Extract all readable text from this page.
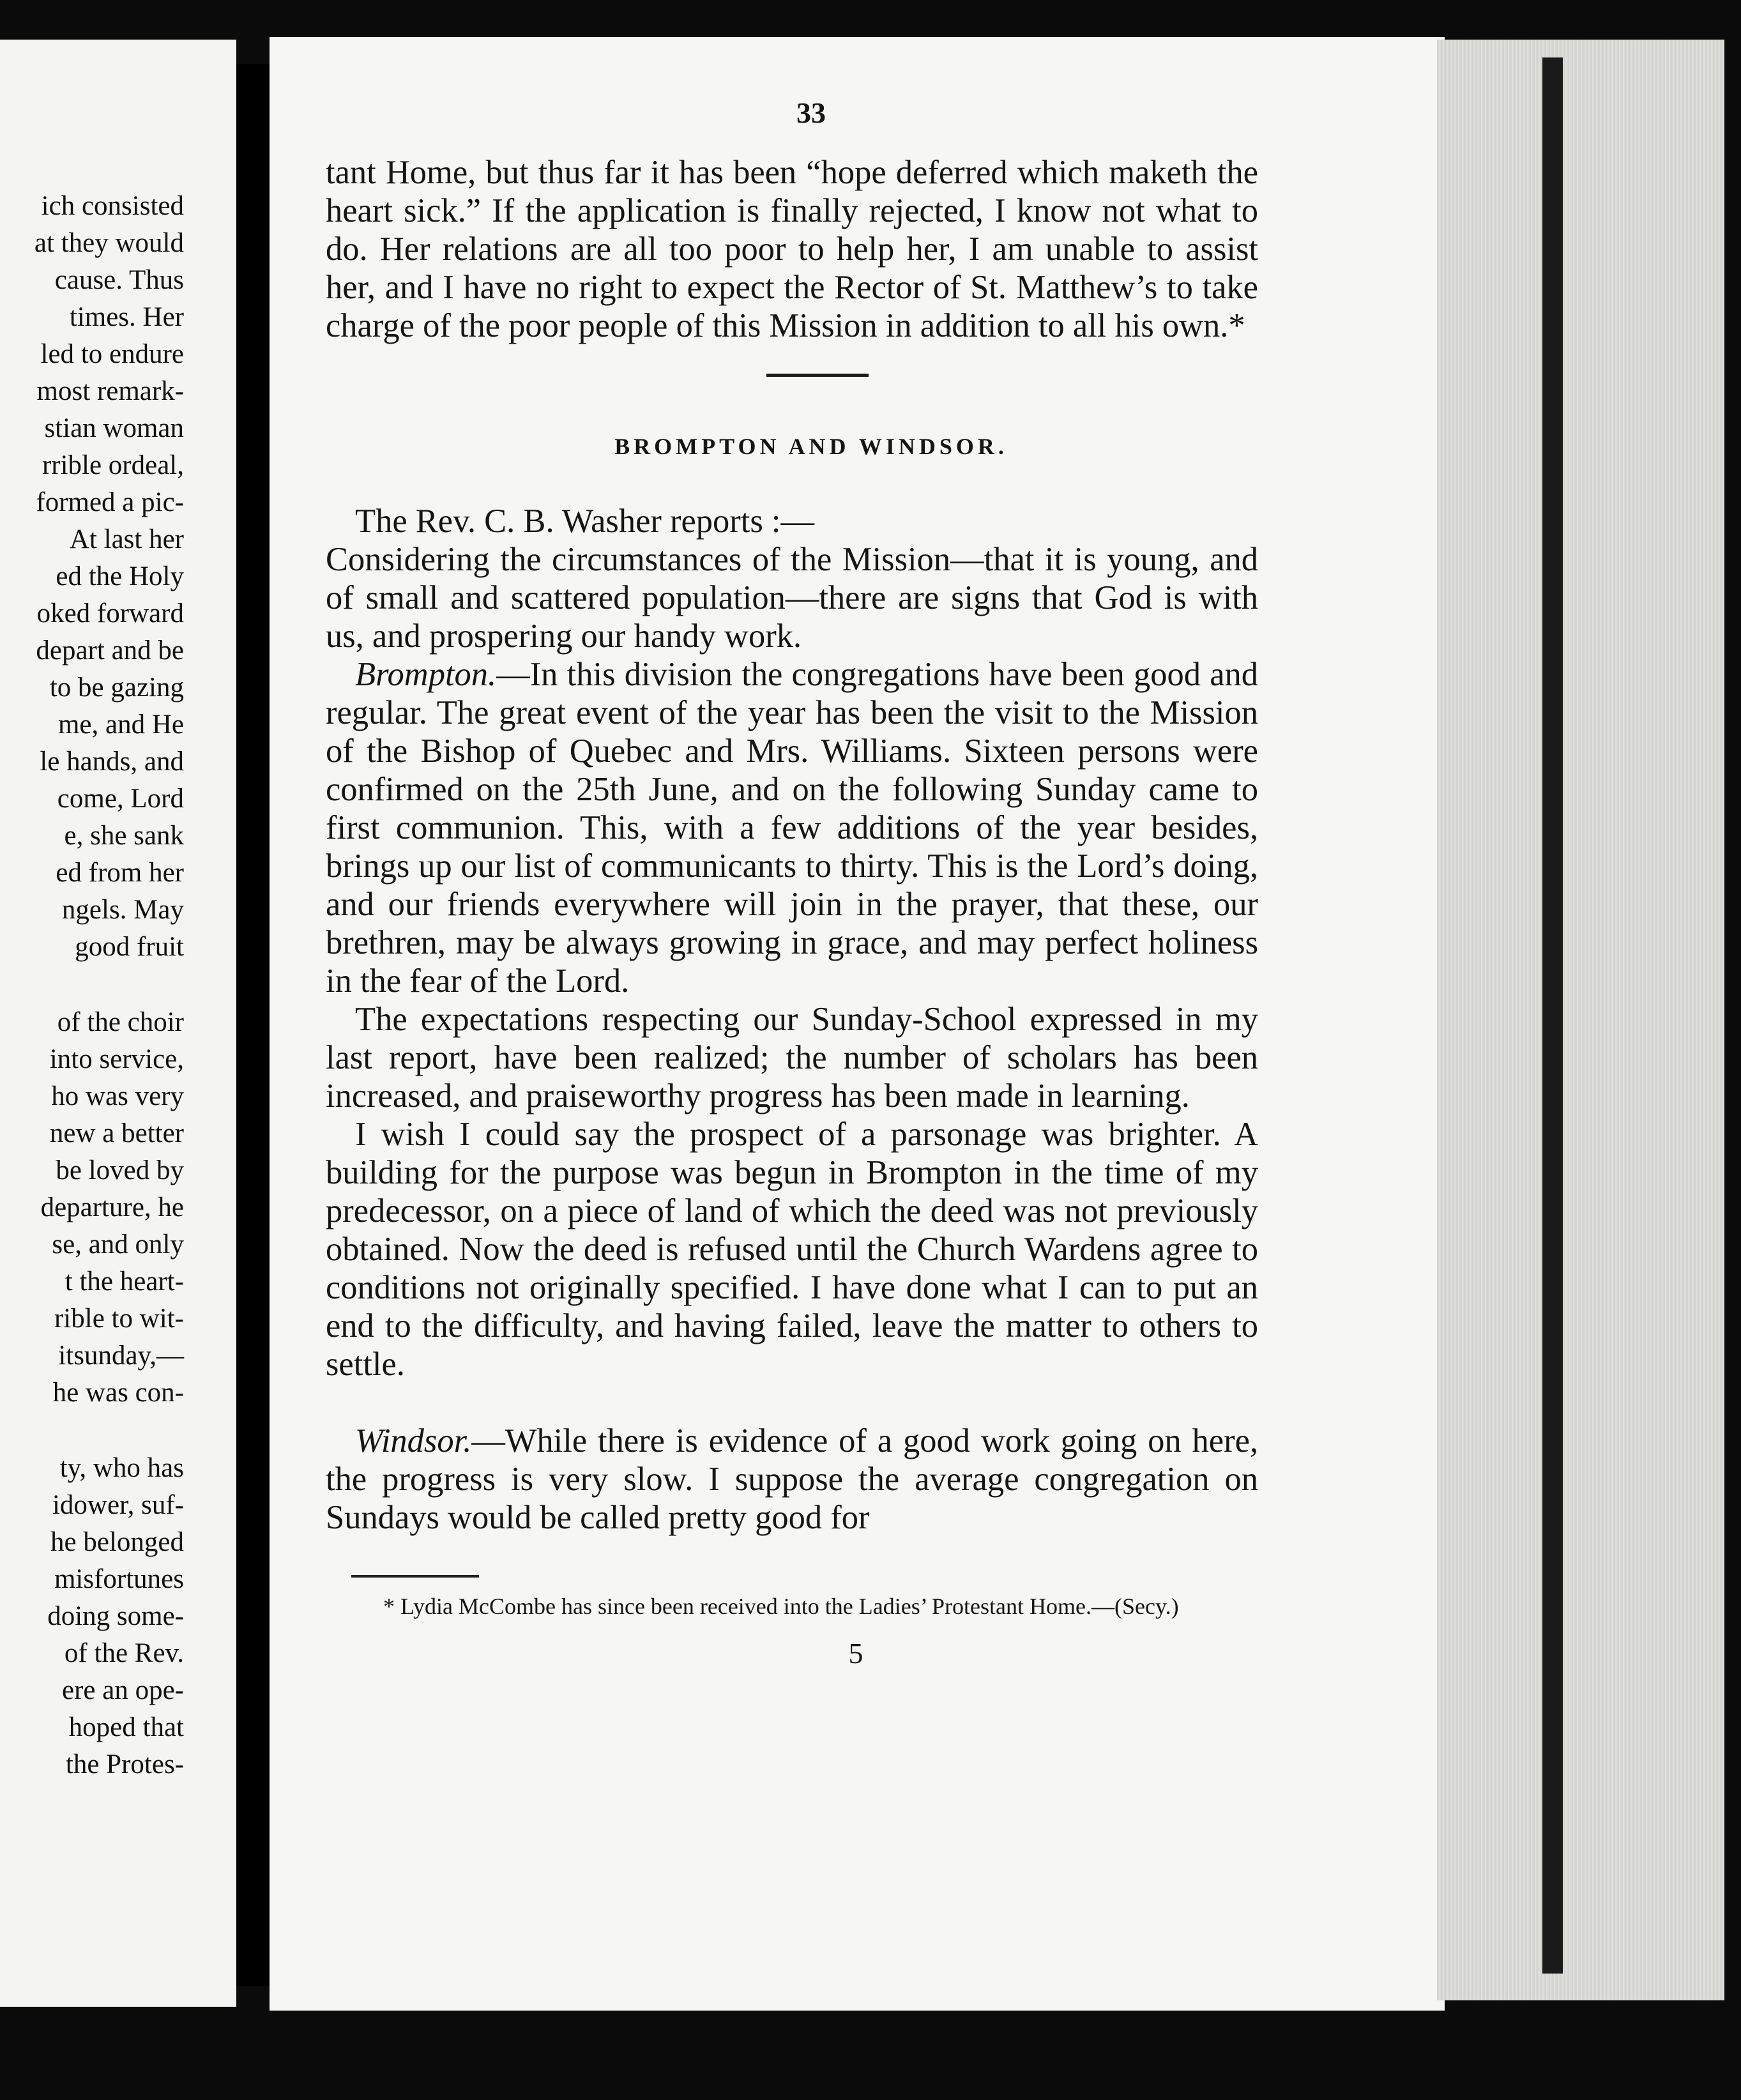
ich consisted
at they would
cause. Thus
times. Her
led to endure
most remark-
stian woman
rrible ordeal,
formed a pic-
At last her
ed the Holy
oked forward
depart and be
to be gazing
me, and He
le hands, and
come, Lord
e, she sank
ed from her
ngels. May
good fruit
of the choir
into service,
ho was very
new a better
be loved by
departure, he
se, and only
t the heart-
rible to wit-
itsunday,—
he was con-
ty, who has
idower, suf-
he belonged
misfortunes
doing some-
of the Rev.
ere an ope-
hoped that
the Protes-
33

tant Home, but thus far it has been “hope deferred which maketh the heart sick.” If the application is finally rejected, I know not what to do. Her relations are all too poor to help her, I am unable to assist her, and I have no right to expect the Rector of St. Matthew’s to take charge of the poor people of this Mission in addition to all his own.*

BROMPTON AND WINDSOR.

The Rev. C. B. Washer reports :—

Considering the circumstances of the Mission—that it is young, and of small and scattered population—there are signs that God is with us, and prospering our handy work.

Brompton.—In this division the congregations have been good and regular. The great event of the year has been the visit to the Mission of the Bishop of Quebec and Mrs. Williams. Sixteen persons were confirmed on the 25th June, and on the following Sunday came to first communion. This, with a few additions of the year besides, brings up our list of communicants to thirty. This is the Lord’s doing, and our friends everywhere will join in the prayer, that these, our brethren, may be always growing in grace, and may perfect holiness in the fear of the Lord.

The expectations respecting our Sunday-School expressed in my last report, have been realized; the number of scholars has been increased, and praiseworthy progress has been made in learning.

I wish I could say the prospect of a parsonage was brighter. A building for the purpose was begun in Brompton in the time of my predecessor, on a piece of land of which the deed was not previously obtained. Now the deed is refused until the Church Wardens agree to conditions not originally specified. I have done what I can to put an end to the difficulty, and having failed, leave the matter to others to settle.

Windsor.—While there is evidence of a good work going on here, the progress is very slow. I suppose the average congregation on Sundays would be called pretty good for

* Lydia McCombe has since been received into the Ladies’ Protestant Home.—(Secy.)

5
